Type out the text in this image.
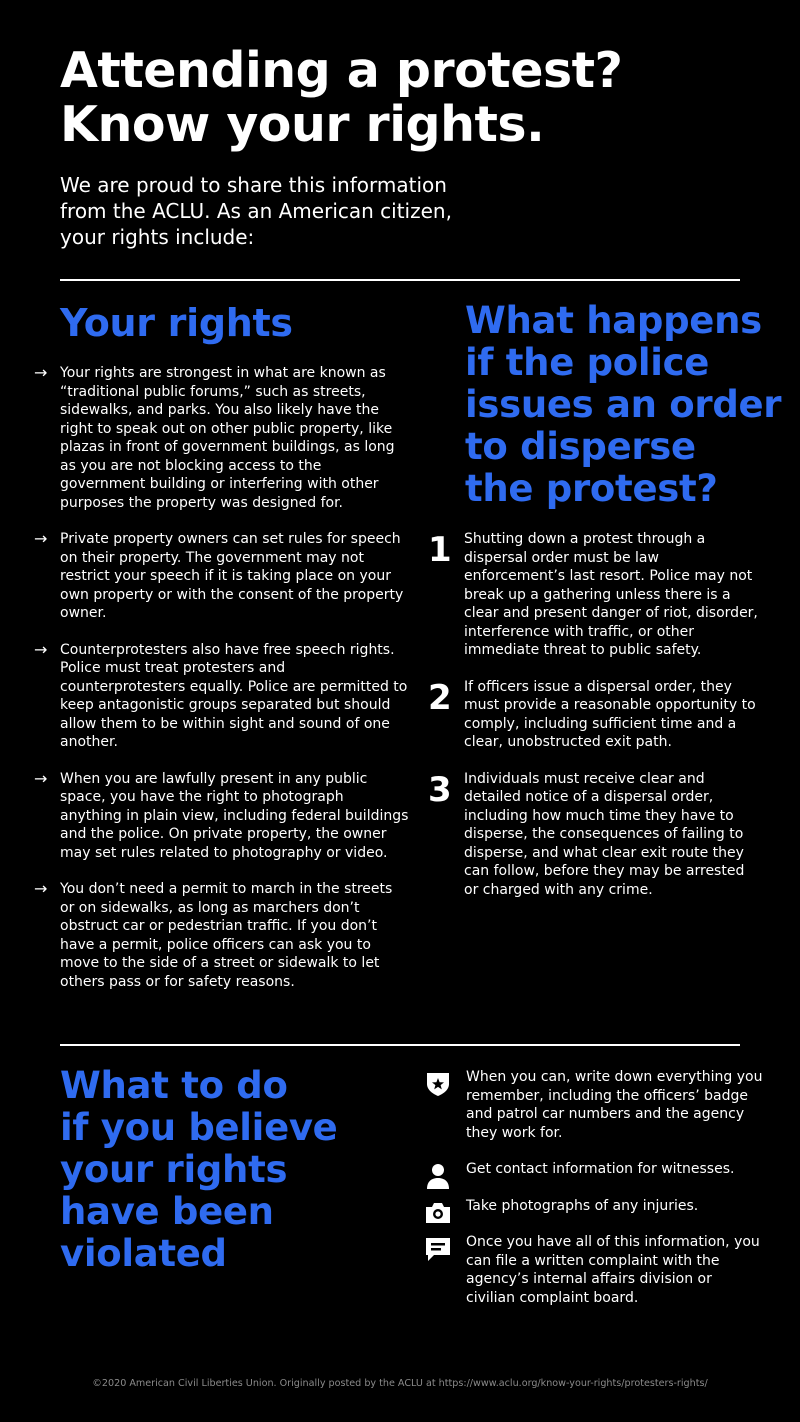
Attending a protest?
Know your rights.
We are proud to share this information
from the ACLU. As an American citizen,
your rights include:
Your rights
→ Your rights are strongest in what are known as “traditional public forums,” such as streets, sidewalks, and parks. You also likely have the right to speak out on other public property, like plazas in front of government buildings, as long as you are not blocking access to the government building or interfering with other purposes the property was designed for.
→ Private property owners can set rules for speech on their property. The government may not restrict your speech if it is taking place on your own property or with the consent of the property owner.
→ Counterprotesters also have free speech rights. Police must treat protesters and counterprotesters equally. Police are permitted to keep antagonistic groups separated but should allow them to be within sight and sound of one another.
→ When you are lawfully present in any public space, you have the right to photograph anything in plain view, including federal buildings and the police. On private property, the owner may set rules related to photography or video.
→ You don’t need a permit to march in the streets or on sidewalks, as long as marchers don’t obstruct car or pedestrian traffic. If you don’t have a permit, police officers can ask you to move to the side of a street or sidewalk to let others pass or for safety reasons.
What happens
if the police
issues an order
to disperse
the protest?
1 Shutting down a protest through a dispersal order must be law enforcement’s last resort. Police may not break up a gathering unless there is a clear and present danger of riot, disorder, interference with traffic, or other immediate threat to public safety.
2 If officers issue a dispersal order, they must provide a reasonable opportunity to comply, including sufficient time and a clear, unobstructed exit path.
3 Individuals must receive clear and detailed notice of a dispersal order, including how much time they have to disperse, the consequences of failing to disperse, and what clear exit route they can follow, before they may be arrested or charged with any crime.
What to do
if you believe
your rights
have been
violated
When you can, write down everything you remember, including the officers’ badge and patrol car numbers and the agency they work for.
Get contact information for witnesses.
Take photographs of any injuries.
Once you have all of this information, you can file a written complaint with the agency’s internal affairs division or civilian complaint board.
©2020 American Civil Liberties Union. Originally posted by the ACLU at https://www.aclu.org/know-your-rights/protesters-rights/
